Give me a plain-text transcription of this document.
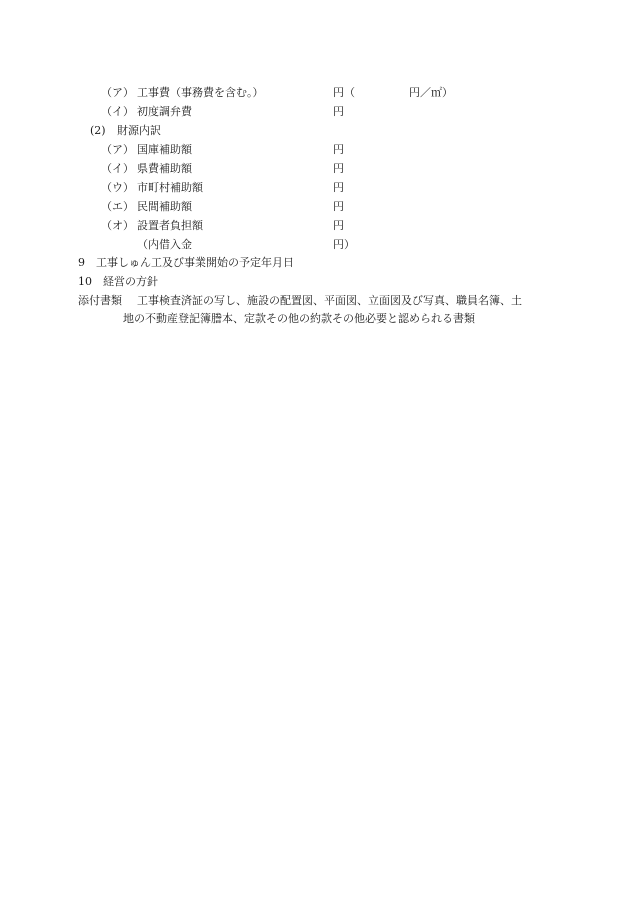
（ア） 工事費（事務費を含む。）	円（	円／㎡）
（イ） 初度調弁費	円
(2) 財源内訳
（ア） 国庫補助額	円
（イ） 県費補助額	円
（ウ） 市町村補助額	円
（エ） 民間補助額	円
（オ） 設置者負担額	円
（内借入金	円）
9　工事しゅん工及び事業開始の予定年月日
10　経営の方針
添付書類 工事検査済証の写し、施設の配置図、平面図、立面図及び写真、職員名簿、土
地の不動産登記簿謄本、定款その他の約款その他必要と認められる書類
